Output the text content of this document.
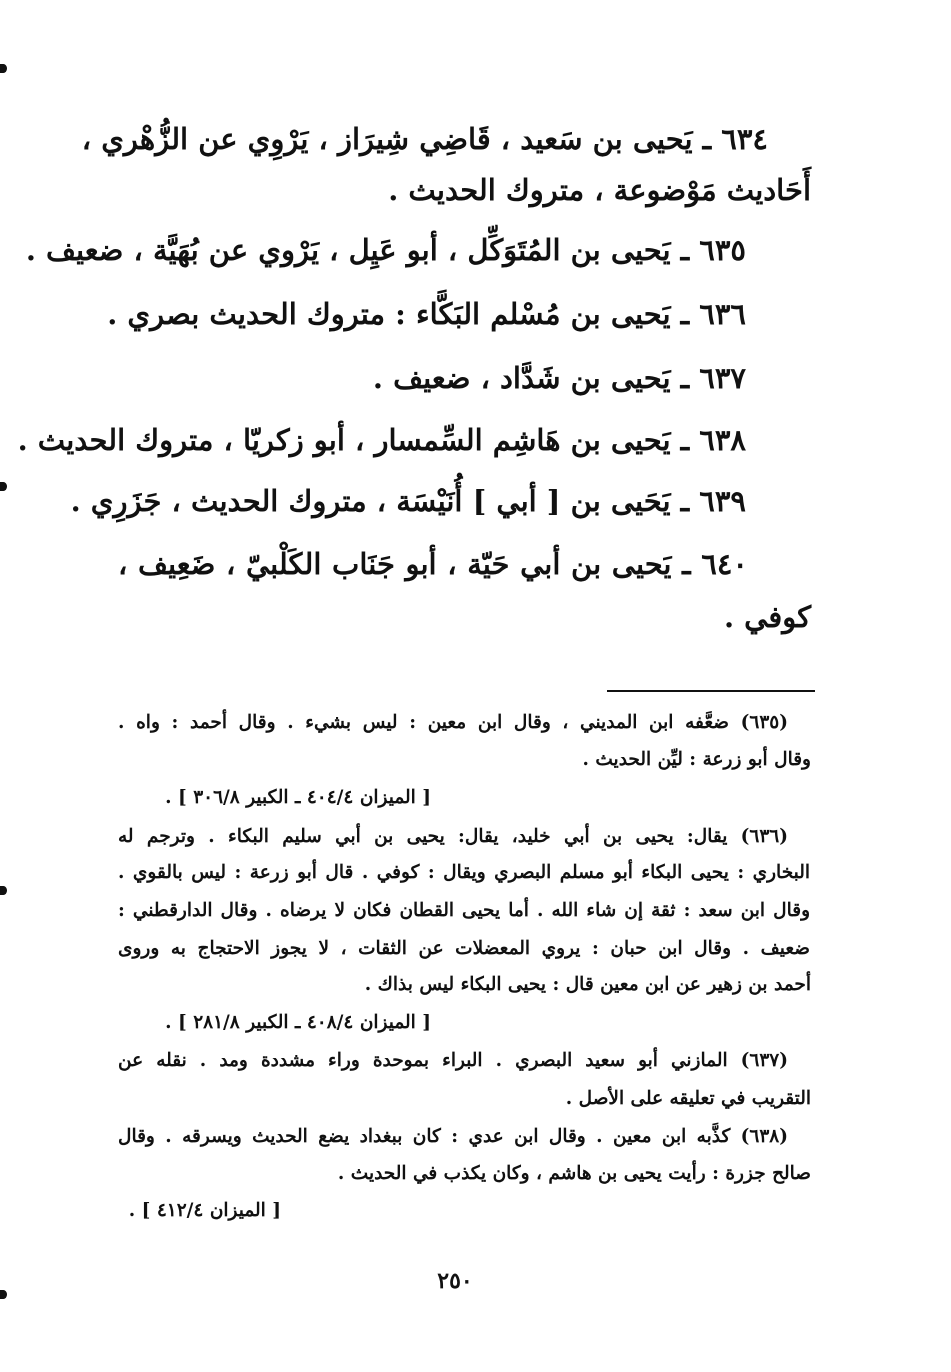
٦٣٤ ـ يَحيى بن سَعيد ، قَاضِي شِيرَاز ، يَرْوِي عن الزُّهْري ،
أَحَاديث مَوْضوعة ، متروك الحديث .
٦٣٥ ـ يَحيى بن المُتَوَكِّل ، أبو عَيِل ، يَرْوي عن بُهَيَّة ، ضعيف .
٦٣٦ ـ يَحيى بن مُسْلم البَكَّاء : متروك الحديث بصري .
٦٣٧ ـ يَحيى بن شَدَّاد ، ضعيف .
٦٣٨ ـ يَحيى بن هَاشِم السِّمسار ، أبو زكريّا ، متروك الحديث .
٦٣٩ ـ يَحَيى بن [ أبي ] أُنَيْسَة ، متروك الحديث ، جَزَرِي .
٦٤٠ ـ يَحيى بن أبي حَيّة ، أبو جَنَاب الكَلْبيّ ، ضَعِيف ،
كوفي .
(٦٣٥) ضعَّفه ابن المديني ، وقال ابن معين : ليس بشيء . وقال أحمد : واه .
وقال أبو زرعة : ليِّن الحديث .
[ الميزان ٤٠٤/٤ ـ الكبير ٣٠٦/٨ ] .
(٦٣٦) يقال: يحيى بن أبي خليد، يقال: يحيى بن أبي سليم البكاء . وترجم له
البخاري : يحيى البكاء أبو مسلم البصري ويقال : كوفي . قال أبو زرعة : ليس بالقوي .
وقال ابن سعد : ثقة إن شاء الله . أما يحيى القطان فكان لا يرضاه . وقال الدارقطني :
ضعيف . وقال ابن حبان : يروي المعضلات عن الثقات ، لا يجوز الاحتجاج به وروى
أحمد بن زهير عن ابن معين قال : يحيى البكاء ليس بذاك .
[ الميزان ٤٠٨/٤ ـ الكبير ٢٨١/٨ ] .
(٦٣٧) المازني أبو سعيد البصري . البراء بموحدة وراء مشددة ومد . نقله عن
التقريب في تعليقه على الأصل .
(٦٣٨) كذَّبه ابن معين . وقال ابن عدي : كان ببغداد يضع الحديث ويسرقه . وقال
صالح جزرة : رأيت يحيى بن هاشم ، وكان يكذب في الحديث .
[ الميزان ٤١٢/٤ ] .
٢٥٠
